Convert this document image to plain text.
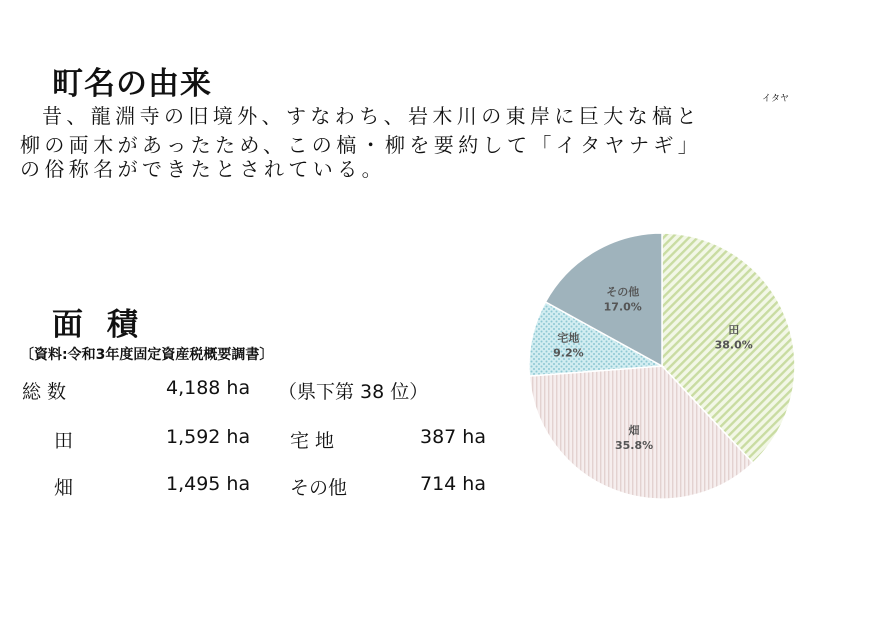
町名の由来
昔、龍淵寺の旧境外、すなわち、岩木川の東岸に巨大な槁と
イタヤ
柳の両木があったため、この槁・柳を要約して「イタヤナギ」
の俗称名ができたとされている。
面積
〔資料:令和3年度固定資産税概要調書〕
総 数	4,188 ha （県下第 38 位）
田	1,592 ha 宅 地	387 ha
畑	1,495 ha その他	714 ha
田
38.0%
畑
35.8%
宅地
9.2%
その他
17.0%
